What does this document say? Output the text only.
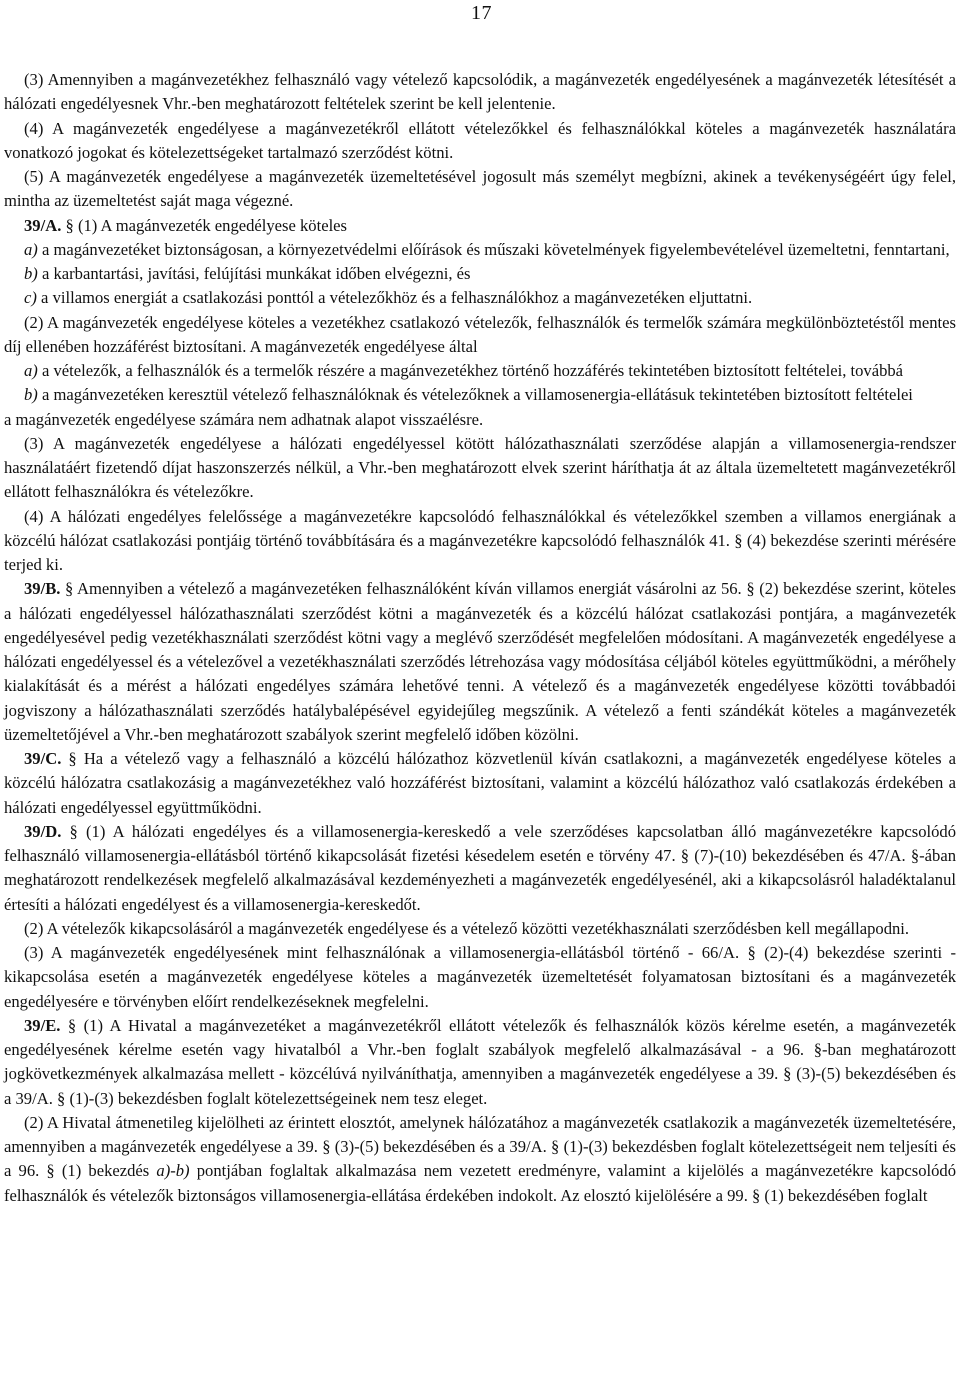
17

(3) Amennyiben a magánvezetékhez felhasználó vagy vételező kapcsolódik, a magánvezeték engedélyesének a magánvezeték létesítését a hálózati engedélyesnek Vhr.-ben meghatározott feltételek szerint be kell jelentenie.

(4) A magánvezeték engedélyese a magánvezetékről ellátott vételezőkkel és felhasználókkal köteles a magánvezeték használatára vonatkozó jogokat és kötelezettségeket tartalmazó szerződést kötni.

(5) A magánvezeték engedélyese a magánvezeték üzemeltetésével jogosult más személyt megbízni, akinek a tevékenységéért úgy felel, mintha az üzemeltetést saját maga végezné.

39/A. § (1) A magánvezeték engedélyese köteles

a) a magánvezetéket biztonságosan, a környezetvédelmi előírások és műszaki követelmények figyelembevételével üzemeltetni, fenntartani,

b) a karbantartási, javítási, felújítási munkákat időben elvégezni, és

c) a villamos energiát a csatlakozási ponttól a vételezőkhöz és a felhasználókhoz a magánvezetéken eljuttatni.

(2) A magánvezeték engedélyese köteles a vezetékhez csatlakozó vételezők, felhasználók és termelők számára megkülönböztetéstől mentes díj ellenében hozzáférést biztosítani. A magánvezeték engedélyese által

a) a vételezők, a felhasználók és a termelők részére a magánvezetékhez történő hozzáférés tekintetében biztosított feltételei, továbbá

b) a magánvezetéken keresztül vételező felhasználóknak és vételezőknek a villamosenergia-ellátásuk tekintetében biztosított feltételei

a magánvezeték engedélyese számára nem adhatnak alapot visszaélésre.

(3) A magánvezeték engedélyese a hálózati engedélyessel kötött hálózathasználati szerződése alapján a villamosenergia-rendszer használatáért fizetendő díjat haszonszerzés nélkül, a Vhr.-ben meghatározott elvek szerint háríthatja át az általa üzemeltetett magánvezetékről ellátott felhasználókra és vételezőkre.

(4) A hálózati engedélyes felelőssége a magánvezetékre kapcsolódó felhasználókkal és vételezőkkel szemben a villamos energiának a közcélú hálózat csatlakozási pontjáig történő továbbítására és a magánvezetékre kapcsolódó felhasználók 41. § (4) bekezdése szerinti mérésére terjed ki.

39/B. § Amennyiben a vételező a magánvezetéken felhasználóként kíván villamos energiát vásárolni az 56. § (2) bekezdése szerint, köteles a hálózati engedélyessel hálózathasználati szerződést kötni a magánvezeték és a közcélú hálózat csatlakozási pontjára, a magánvezeték engedélyesével pedig vezetékhasználati szerződést kötni vagy a meglévő szerződését megfelelően módosítani. A magánvezeték engedélyese a hálózati engedélyessel és a vételezővel a vezetékhasználati szerződés létrehozása vagy módosítása céljából köteles együttműködni, a mérőhely kialakítását és a mérést a hálózati engedélyes számára lehetővé tenni. A vételező és a magánvezeték engedélyese közötti továbbadói jogviszony a hálózathasználati szerződés hatálybalépésével egyidejűleg megszűnik. A vételező a fenti szándékát köteles a magánvezeték üzemeltetőjével a Vhr.-ben meghatározott szabályok szerint megfelelő időben közölni.

39/C. § Ha a vételező vagy a felhasználó a közcélú hálózathoz közvetlenül kíván csatlakozni, a magánvezeték engedélyese köteles a közcélú hálózatra csatlakozásig a magánvezetékhez való hozzáférést biztosítani, valamint a közcélú hálózathoz való csatlakozás érdekében a hálózati engedélyessel együttműködni.

39/D. § (1) A hálózati engedélyes és a villamosenergia-kereskedő a vele szerződéses kapcsolatban álló magánvezetékre kapcsolódó felhasználó villamosenergia-ellátásból történő kikapcsolását fizetési késedelem esetén e törvény 47. § (7)-(10) bekezdésében és 47/A. §-ában meghatározott rendelkezések megfelelő alkalmazásával kezdeményezheti a magánvezeték engedélyesénél, aki a kikapcsolásról haladéktalanul értesíti a hálózati engedélyest és a villamosenergia-kereskedőt.

(2) A vételezők kikapcsolásáról a magánvezeték engedélyese és a vételező közötti vezetékhasználati szerződésben kell megállapodni.

(3) A magánvezeték engedélyesének mint felhasználónak a villamosenergia-ellátásból történő - 66/A. § (2)-(4) bekezdése szerinti - kikapcsolása esetén a magánvezeték engedélyese köteles a magánvezeték üzemeltetését folyamatosan biztosítani és a magánvezeték engedélyesére e törvényben előírt rendelkezéseknek megfelelni.

39/E. § (1) A Hivatal a magánvezetéket a magánvezetékről ellátott vételezők és felhasználók közös kérelme esetén, a magánvezeték engedélyesének kérelme esetén vagy hivatalból a Vhr.-ben foglalt szabályok megfelelő alkalmazásával - a 96. §-ban meghatározott jogkövetkezmények alkalmazása mellett - közcélúvá nyilváníthatja, amennyiben a magánvezeték engedélyese a 39. § (3)-(5) bekezdésében és a 39/A. § (1)-(3) bekezdésben foglalt kötelezettségeinek nem tesz eleget.

(2) A Hivatal átmenetileg kijelölheti az érintett elosztót, amelynek hálózatához a magánvezeték csatlakozik a magánvezeték üzemeltetésére, amennyiben a magánvezeték engedélyese a 39. § (3)-(5) bekezdésében és a 39/A. § (1)-(3) bekezdésben foglalt kötelezettségeit nem teljesíti és a 96. § (1) bekezdés a)-b) pontjában foglaltak alkalmazása nem vezetett eredményre, valamint a kijelölés a magánvezetékre kapcsolódó felhasználók és vételezők biztonságos villamosenergia-ellátása érdekében indokolt. Az elosztó kijelölésére a 99. § (1) bekezdésében foglalt
